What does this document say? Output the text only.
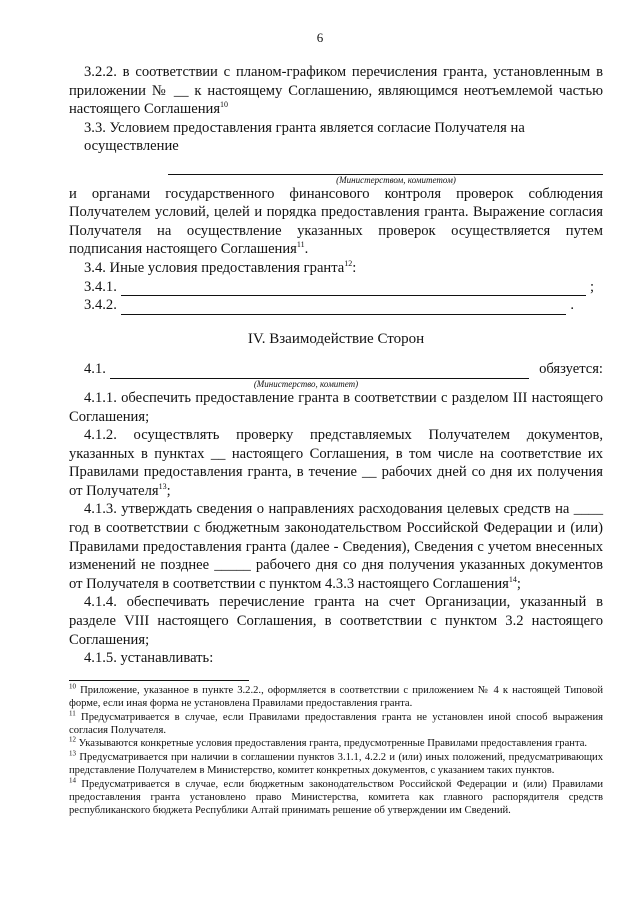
6

3.2.2. в соответствии с планом-графиком перечисления гранта, установленным в приложении № __ к настоящему Соглашению, являющимся неотъемлемой частью настоящего Соглашения$^{10}$

3.3. Условием предоставления гранта является согласие Получателя на осуществление
(Министерством, комитетом)

и органами государственного финансового контроля проверок соблюдения Получателем условий, целей и порядка предоставления гранта. Выражение согласия Получателя на осуществление указанных проверок осуществляется путем подписания настоящего Соглашения$^{11}$.

3.4. Иные условия предоставления гранта$^{12}$:

3.4.1.	;
3.4.2.	.
IV. Взаимодействие Сторон
4.1.	обязуется:
(Министерство, комитет)

4.1.1. обеспечить предоставление гранта в соответствии с разделом III настоящего Соглашения;

4.1.2. осуществлять проверку представляемых Получателем документов, указанных в пунктах __ настоящего Соглашения, в том числе на соответствие их Правилами предоставления гранта, в течение __ рабочих дней со дня их получения от Получателя$^{13}$;

4.1.3. утверждать сведения о направлениях расходования целевых средств на ____ год в соответствии с бюджетным законодательством Российской Федерации и (или) Правилами предоставления гранта (далее - Сведения), Сведения с учетом внесенных изменений не позднее _____ рабочего дня со дня получения указанных документов от Получателя в соответствии с пунктом 4.3.3 настоящего Соглашения$^{14}$;

4.1.4. обеспечивать перечисление гранта на счет Организации, указанный в разделе VIII настоящего Соглашения, в соответствии с пунктом 3.2 настоящего Соглашения;

4.1.5. устанавливать:

$^{10}$ Приложение, указанное в пункте 3.2.2., оформляется в соответствии с приложением № 4 к настоящей Типовой форме, если иная форма не установлена Правилами предоставления гранта.

$^{11}$ Предусматривается в случае, если Правилами предоставления гранта не установлен иной способ выражения согласия Получателя.

$^{12}$ Указываются конкретные условия предоставления гранта, предусмотренные Правилами предоставления гранта.

$^{13}$ Предусматривается при наличии в соглашении пунктов 3.1.1, 4.2.2 и (или) иных положений, предусматривающих представление Получателем в Министерство, комитет конкретных документов, с указанием таких пунктов.

$^{14}$ Предусматривается в случае, если бюджетным законодательством Российской Федерации и (или) Правилами предоставления гранта установлено право Министерства, комитета как главного распорядителя средств республиканского бюджета Республики Алтай принимать решение об утверждении им Сведений.
